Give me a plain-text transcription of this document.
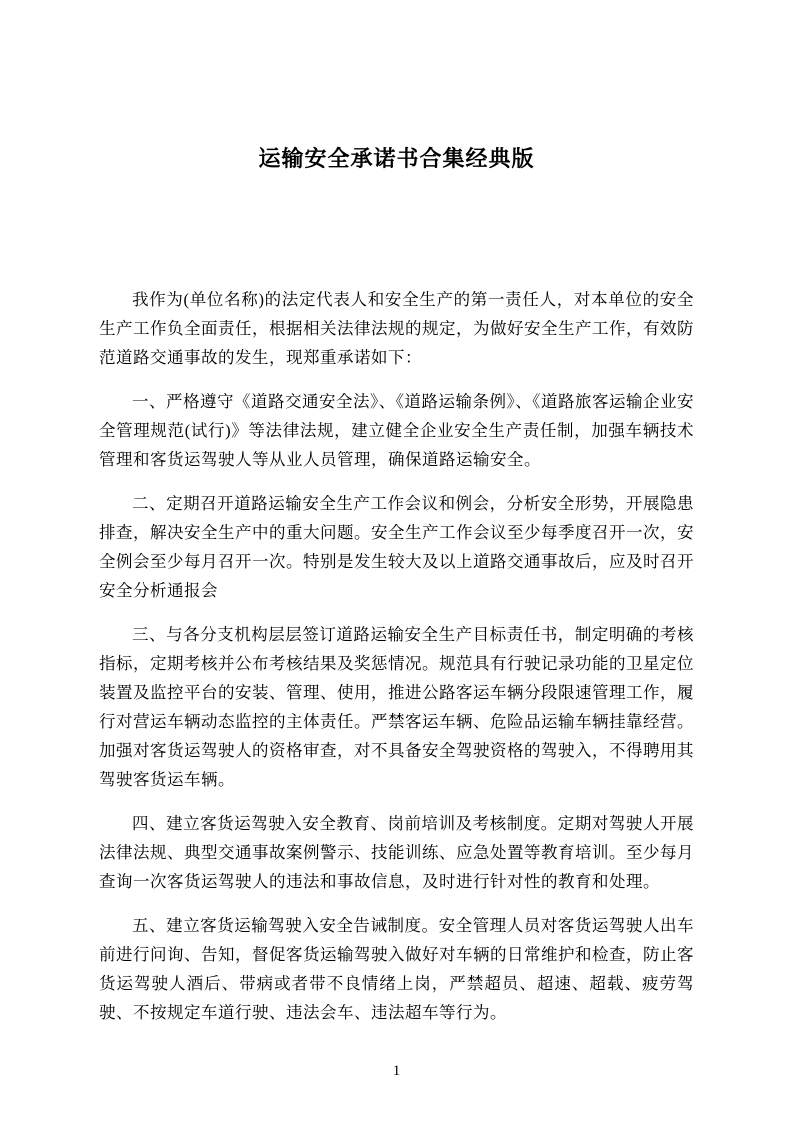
运输安全承诺书合集经典版

我作为(单位名称)的法定代表人和安全生产的第一责任人，对本单位的安全生产工作负全面责任，根据相关法律法规的规定，为做好安全生产工作，有效防范道路交通事故的发生，现郑重承诺如下：

一、严格遵守《道路交通安全法》、《道路运输条例》、《道路旅客运输企业安全管理规范(试行)》等法律法规，建立健全企业安全生产责任制，加强车辆技术管理和客货运驾驶人等从业人员管理，确保道路运输安全。

二、定期召开道路运输安全生产工作会议和例会，分析安全形势，开展隐患排查，解决安全生产中的重大问题。安全生产工作会议至少每季度召开一次，安全例会至少每月召开一次。特别是发生较大及以上道路交通事故后，应及时召开安全分析通报会

三、与各分支机构层层签订道路运输安全生产目标责任书，制定明确的考核指标，定期考核并公布考核结果及奖惩情况。规范具有行驶记录功能的卫星定位装置及监控平台的安装、管理、使用，推进公路客运车辆分段限速管理工作，履行对营运车辆动态监控的主体责任。严禁客运车辆、危险品运输车辆挂靠经营。加强对客货运驾驶人的资格审查，对不具备安全驾驶资格的驾驶入，不得聘用其驾驶客货运车辆。

四、建立客货运驾驶入安全教育、岗前培训及考核制度。定期对驾驶人开展法律法规、典型交通事故案例警示、技能训练、应急处置等教育培训。至少每月查询一次客货运驾驶人的违法和事故信息，及时进行针对性的教育和处理。

五、建立客货运输驾驶入安全告诫制度。安全管理人员对客货运驾驶人出车前进行问询、告知，督促客货运输驾驶入做好对车辆的日常维护和检查，防止客货运驾驶人酒后、带病或者带不良情绪上岗，严禁超员、超速、超载、疲劳驾驶、不按规定车道行驶、违法会车、违法超车等行为。

1
